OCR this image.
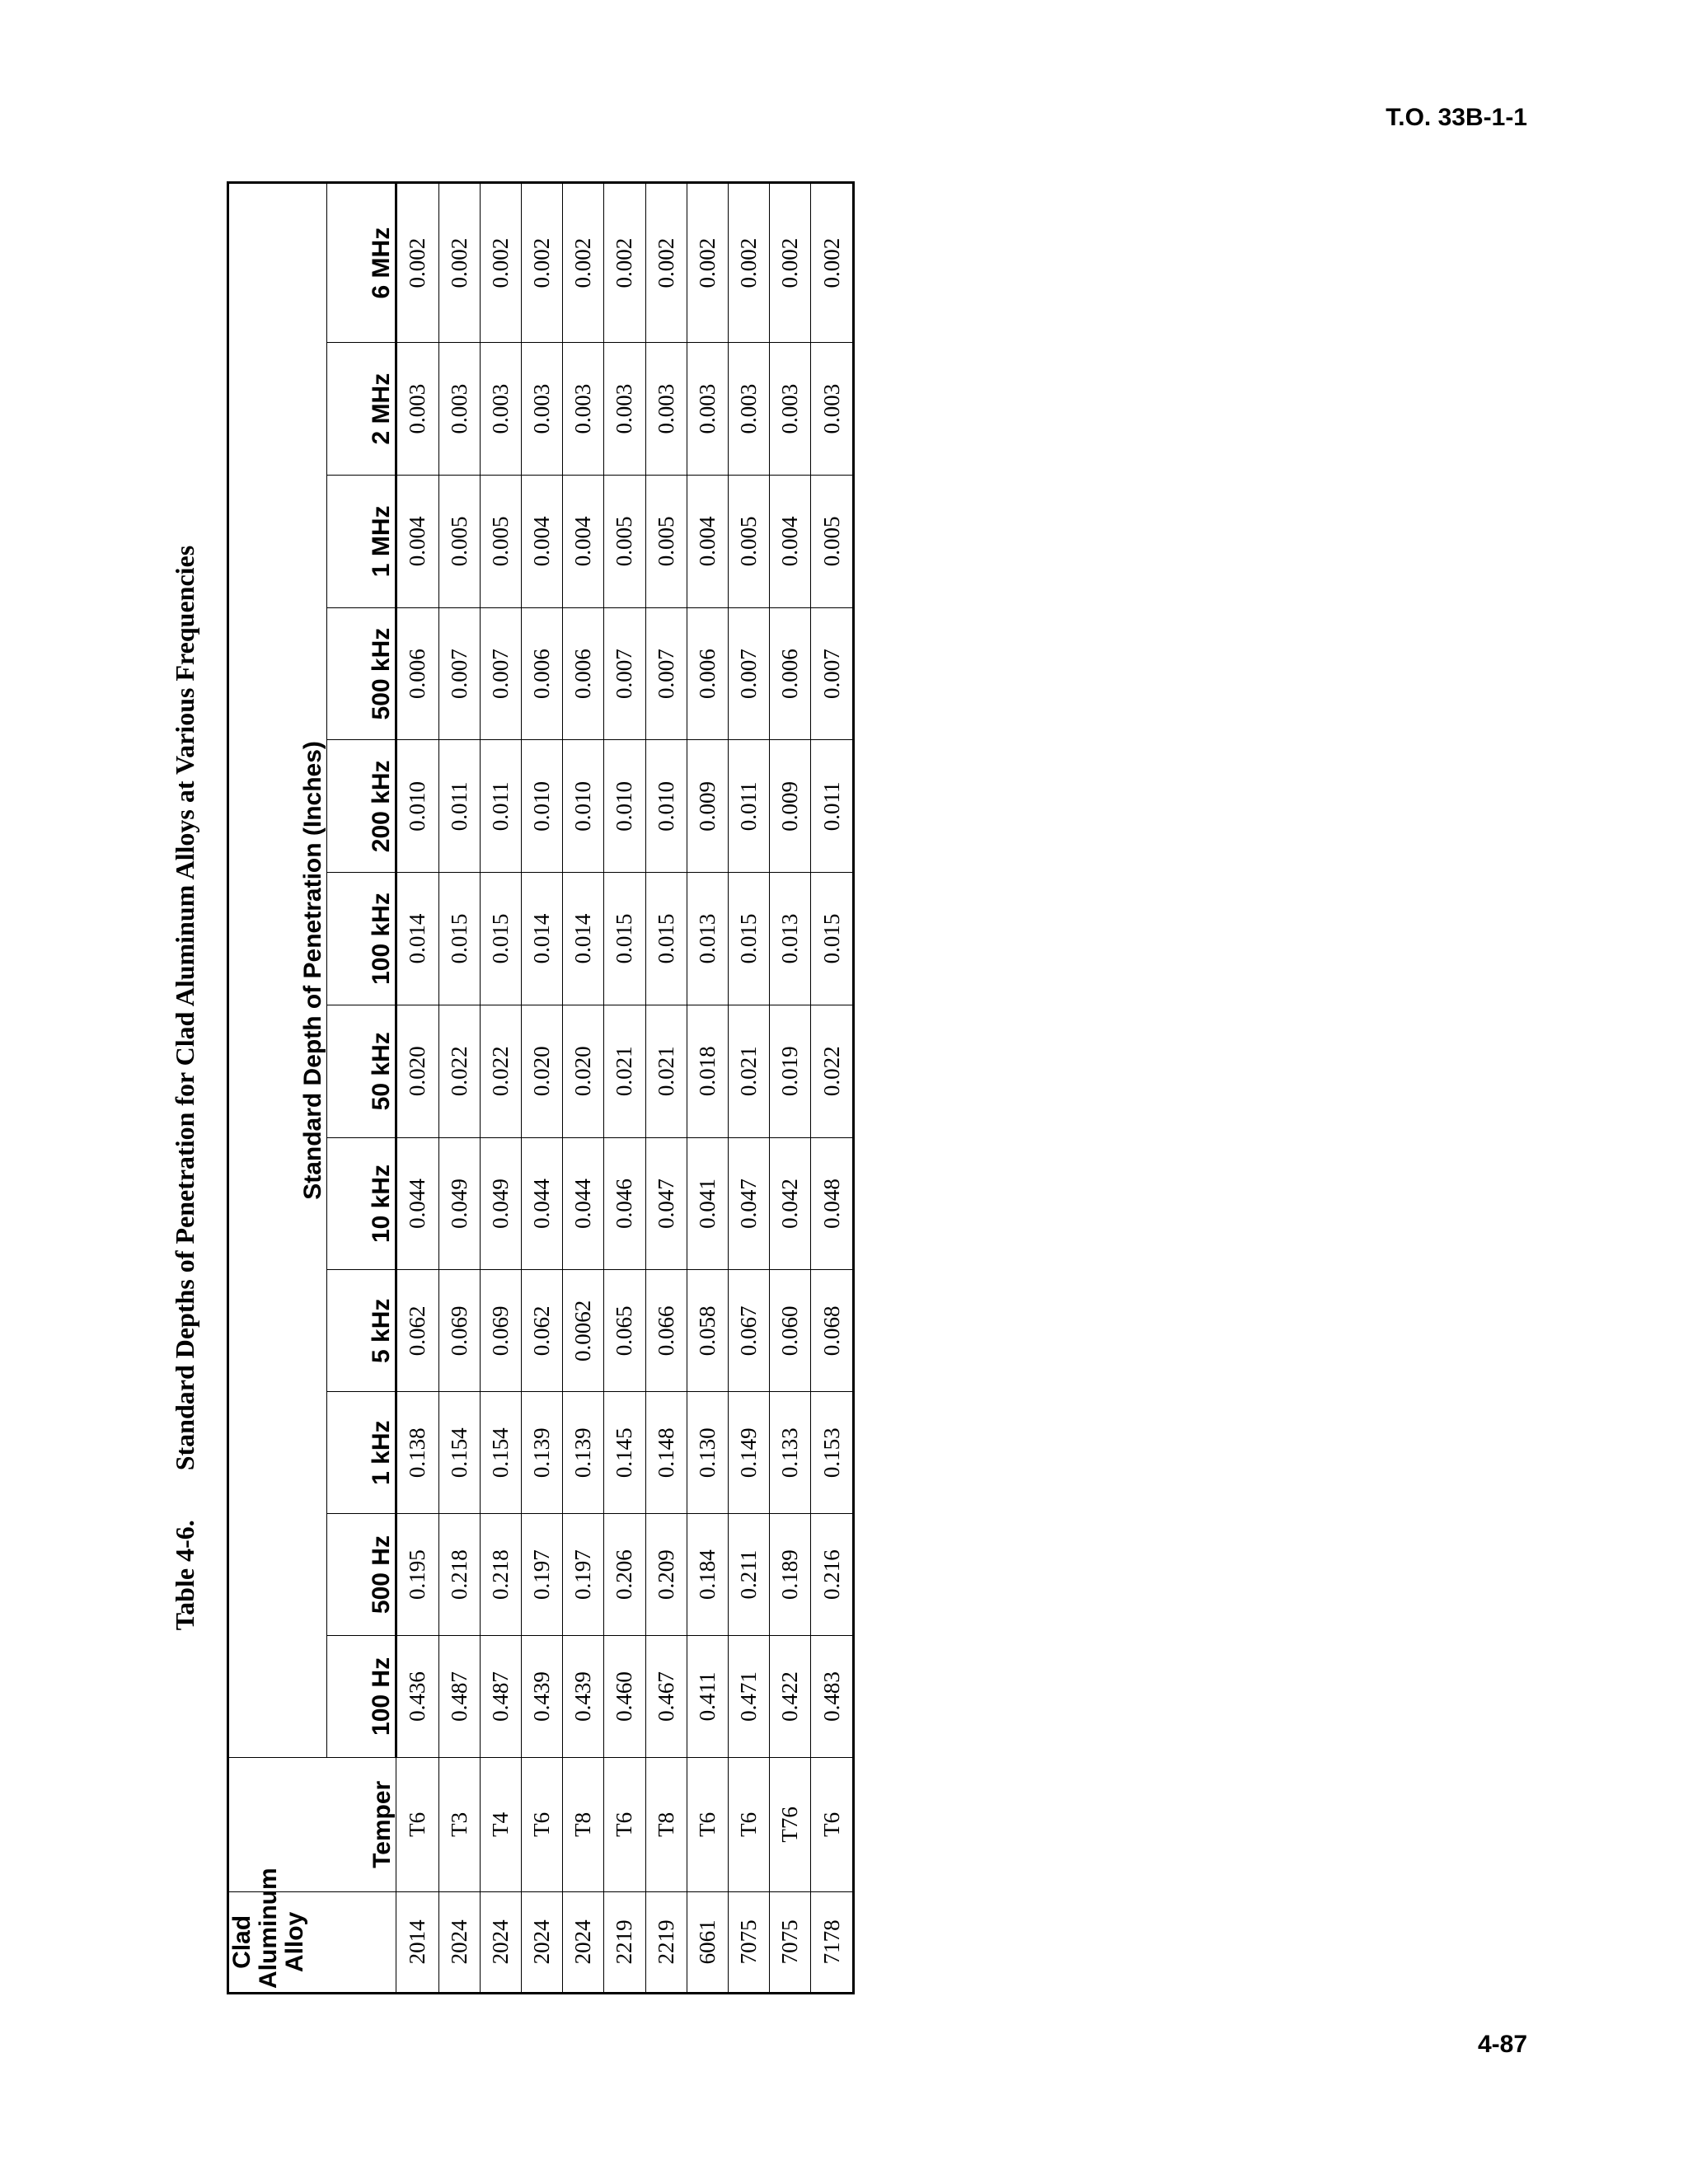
T.O. 33B-1-1

Table 4-6.
Standard Depths of Penetration for Clad Aluminum Alloys at Various Frequencies
Clad Aluminum Alloy	Temper	Standard Depth of Penetration (Inches)											
		100 Hz	500 Hz	1 kHz	5 kHz	10 kHz	50 kHz	100 kHz	200 kHz	500 kHz	1 MHz	2 MHz	6 MHz
2014	T6	0.436	0.195	0.138	0.062	0.044	0.020	0.014	0.010	0.006	0.004	0.003	0.002
2024	T3	0.487	0.218	0.154	0.069	0.049	0.022	0.015	0.011	0.007	0.005	0.003	0.002
2024	T4	0.487	0.218	0.154	0.069	0.049	0.022	0.015	0.011	0.007	0.005	0.003	0.002
2024	T6	0.439	0.197	0.139	0.062	0.044	0.020	0.014	0.010	0.006	0.004	0.003	0.002
2024	T8	0.439	0.197	0.139	0.0062	0.044	0.020	0.014	0.010	0.006	0.004	0.003	0.002
2219	T6	0.460	0.206	0.145	0.065	0.046	0.021	0.015	0.010	0.007	0.005	0.003	0.002
2219	T8	0.467	0.209	0.148	0.066	0.047	0.021	0.015	0.010	0.007	0.005	0.003	0.002
6061	T6	0.411	0.184	0.130	0.058	0.041	0.018	0.013	0.009	0.006	0.004	0.003	0.002
7075	T6	0.471	0.211	0.149	0.067	0.047	0.021	0.015	0.011	0.007	0.005	0.003	0.002
7075	T76	0.422	0.189	0.133	0.060	0.042	0.019	0.013	0.009	0.006	0.004	0.003	0.002
7178	T6	0.483	0.216	0.153	0.068	0.048	0.022	0.015	0.011	0.007	0.005	0.003	0.002

4-87
